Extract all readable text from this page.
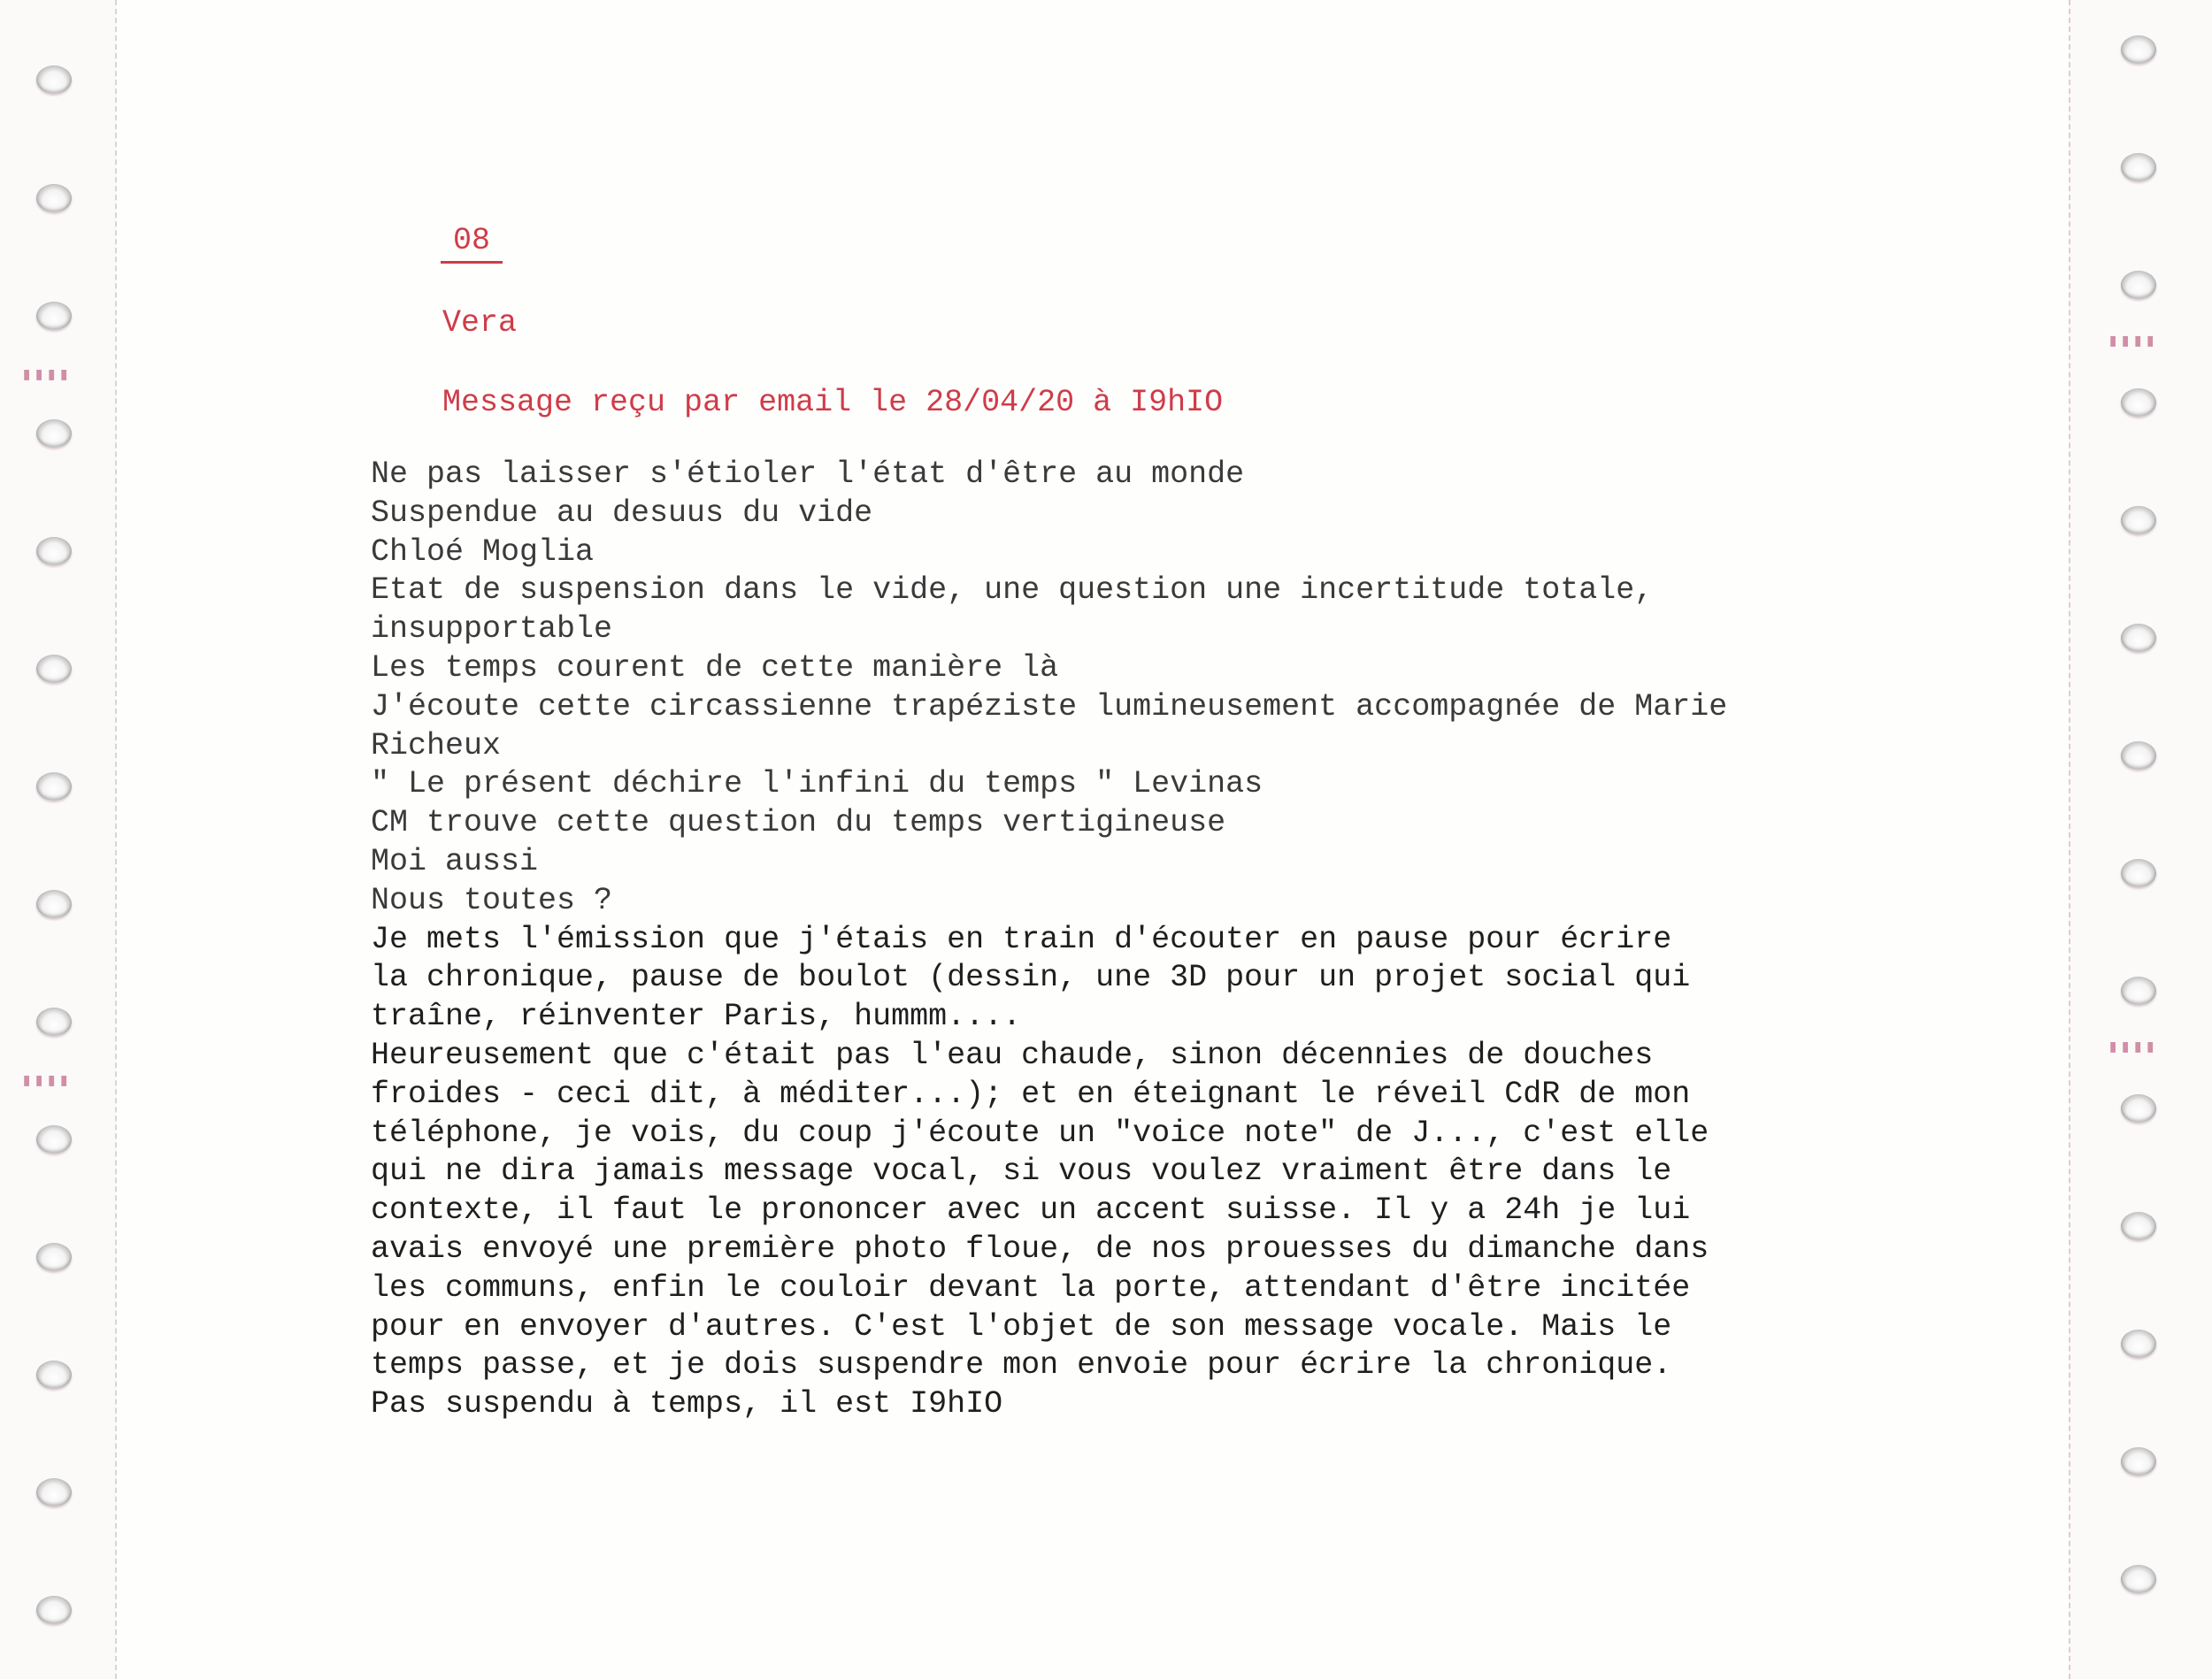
▮▮▮▮
▮▮▮▮
▮▮▮▮
▮▮▮▮

08

Vera

Message reçu par email le 28/04/20 à I9hIO

Ne pas laisser s'étioler l'état d'être au monde
Suspendue au desuus du vide
Chloé Moglia
Etat de suspension dans le vide, une question une incertitude totale,
insupportable
Les temps courent de cette manière là
J'écoute cette circassienne trapéziste lumineusement accompagnée de Marie
Richeux
" Le présent déchire l'infini du temps " Levinas
CM trouve cette question du temps vertigineuse
Moi aussi
Nous toutes ?
Je mets l'émission que j'étais en train d'écouter en pause pour écrire
la chronique, pause de boulot (dessin, une 3D pour un projet social qui
traîne, réinventer Paris, hummm....
Heureusement que c'était pas l'eau chaude, sinon décennies de douches
froides - ceci dit, à méditer...); et en éteignant le réveil CdR de mon
téléphone, je vois, du coup j'écoute un "voice note" de J..., c'est elle
qui ne dira jamais message vocal, si vous voulez vraiment être dans le
contexte, il faut le prononcer avec un accent suisse. Il y a 24h je lui
avais envoyé une première photo floue, de nos prouesses du dimanche dans
les communs, enfin le couloir devant la porte, attendant d'être incitée
pour en envoyer d'autres. C'est l'objet de son message vocale. Mais le
temps passe, et je dois suspendre mon envoie pour écrire la chronique.
Pas suspendu à temps, il est I9hIO
